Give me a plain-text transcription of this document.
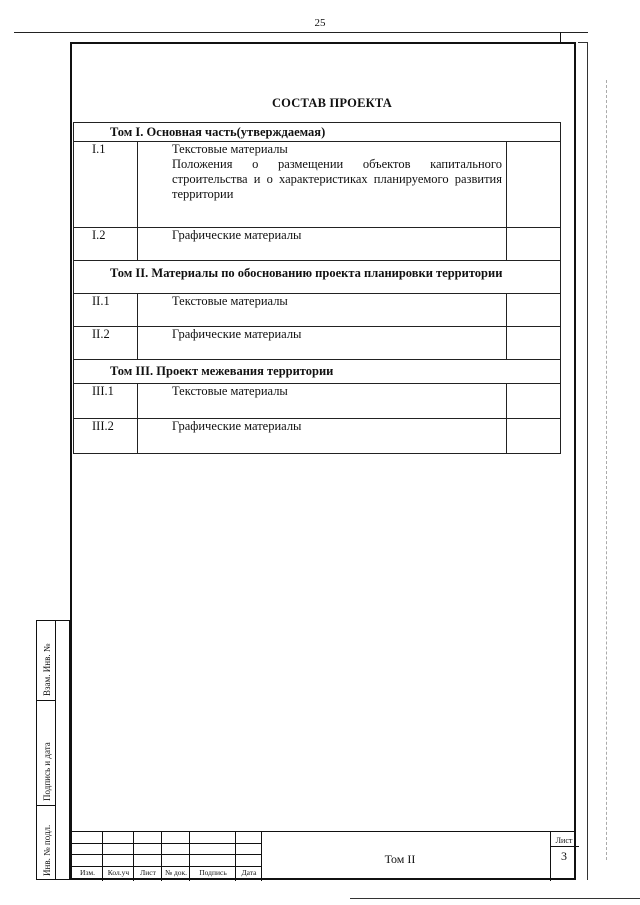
25
СОСТАВ ПРОЕКТА
Том I. Основная часть(утверждаемая)		
I.1	Текстовые материалы
Положения о размещении объектов капитального строительства и о характеристиках планируемого развития территории	

I.2	Графические материалы	
Том II. Материалы по обоснованию проекта планировки территории		
II.1	Текстовые материалы	
II.2	Графические материалы	
Том III. Проект межевания территории		
III.1	Текстовые материалы	
III.2	Графические материалы	
Взам. Инв. №
Подпись и дата
Инв. № подл.	Изм.	Кол.уч	Лист	№ док.	Подпись	Дата
Том II
Лист
3
